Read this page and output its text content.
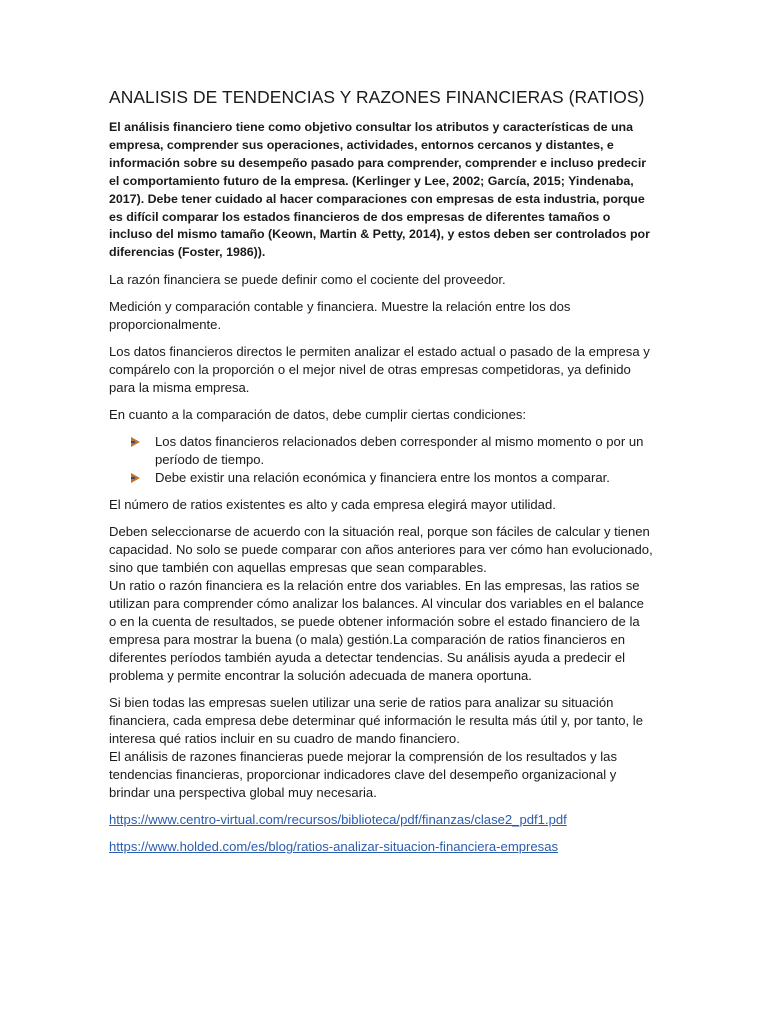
ANALISIS DE TENDENCIAS Y RAZONES FINANCIERAS (RATIOS)

El análisis financiero tiene como objetivo consultar los atributos y características de una empresa, comprender sus operaciones, actividades, entornos cercanos y distantes, e información sobre su desempeño pasado para comprender, comprender e incluso predecir el comportamiento futuro de la empresa. (Kerlinger y Lee, 2002; García, 2015; Yindenaba, 2017). Debe tener cuidado al hacer comparaciones con empresas de esta industria, porque es difícil comparar los estados financieros de dos empresas de diferentes tamaños o incluso del mismo tamaño (Keown, Martin & Petty, 2014), y estos deben ser controlados por diferencias (Foster, 1986)).

La razón financiera se puede definir como el cociente del proveedor.

Medición y comparación contable y financiera. Muestre la relación entre los dos proporcionalmente.

Los datos financieros directos le permiten analizar el estado actual o pasado de la empresa y compárelo con la proporción o el mejor nivel de otras empresas competidoras, ya definido para la misma empresa.

En cuanto a la comparación de datos, debe cumplir ciertas condiciones:

Los datos financieros relacionados deben corresponder al mismo momento o por un período de tiempo.
Debe existir una relación económica y financiera entre los montos a comparar.

El número de ratios existentes es alto y cada empresa elegirá mayor utilidad.

Deben seleccionarse de acuerdo con la situación real, porque son fáciles de calcular y tienen capacidad. No solo se puede comparar con años anteriores para ver cómo han evolucionado, sino que también con aquellas empresas que sean comparables.

Un ratio o razón financiera es la relación entre dos variables. En las empresas, las ratios se utilizan para comprender cómo analizar los balances. Al vincular dos variables en el balance o en la cuenta de resultados, se puede obtener información sobre el estado financiero de la empresa para mostrar la buena (o mala) gestión.La comparación de ratios financieros en diferentes períodos también ayuda a detectar tendencias. Su análisis ayuda a predecir el problema y permite encontrar la solución adecuada de manera oportuna.

Si bien todas las empresas suelen utilizar una serie de ratios para analizar su situación financiera, cada empresa debe determinar qué información le resulta más útil y, por tanto, le interesa qué ratios incluir en su cuadro de mando financiero.

El análisis de razones financieras puede mejorar la comprensión de los resultados y las tendencias financieras, proporcionar indicadores clave del desempeño organizacional y brindar una perspectiva global muy necesaria.

https://www.centro-virtual.com/recursos/biblioteca/pdf/finanzas/clase2_pdf1.pdf
https://www.holded.com/es/blog/ratios-analizar-situacion-financiera-empresas
